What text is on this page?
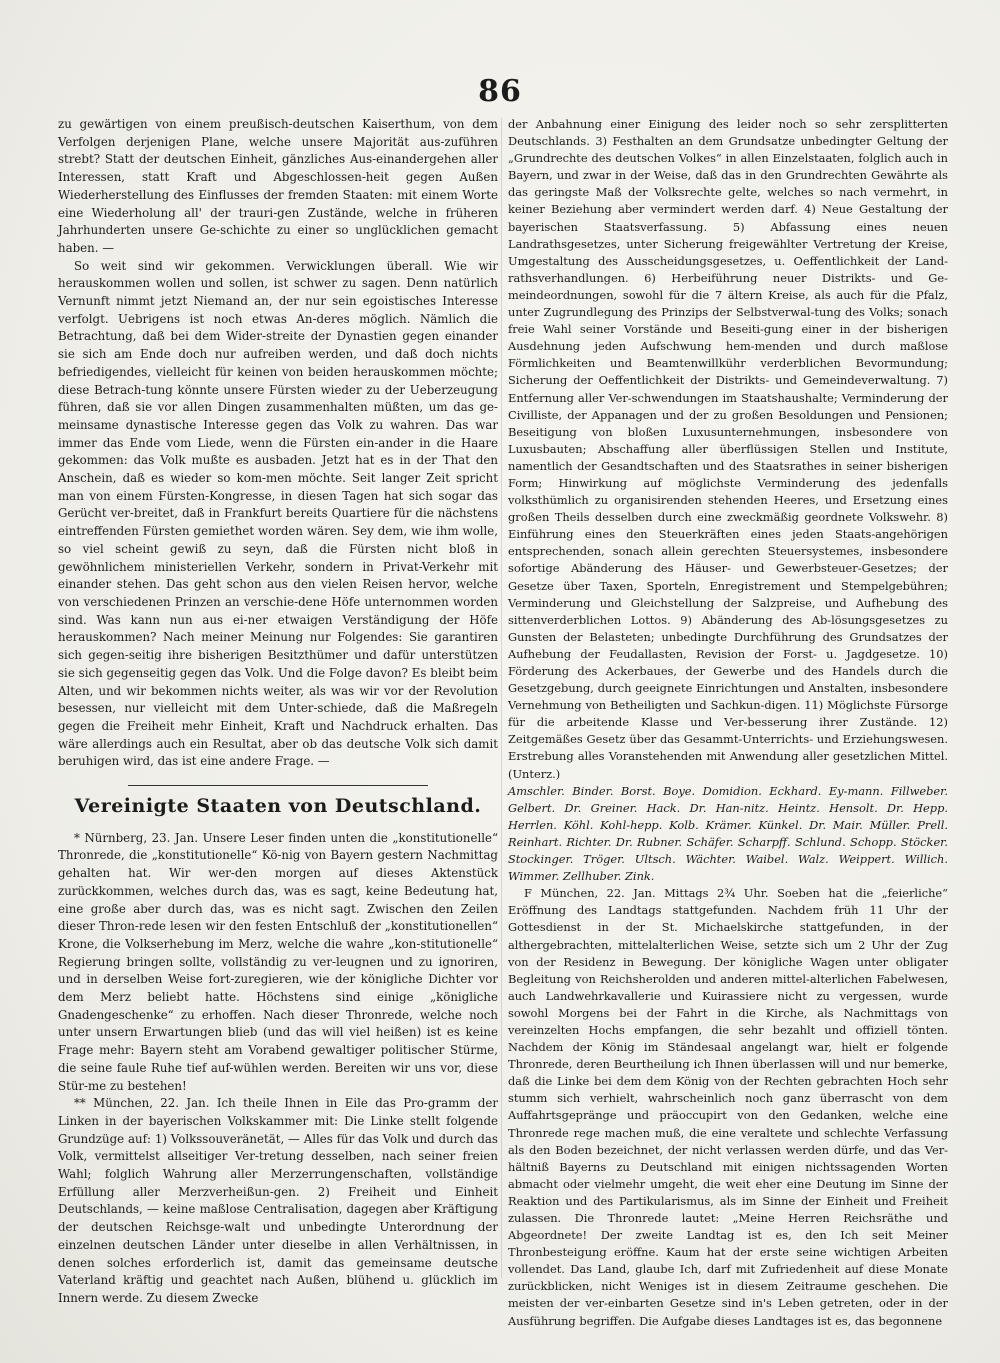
86

zu gewärtigen von einem preußisch-deutschen Kaiserthum, von dem Verfolgen derjenigen Plane, welche unsere Majorität aus-zuführen strebt? Statt der deutschen Einheit, gänzliches Aus-einandergehen aller Interessen, statt Kraft und Abgeschlossen-heit gegen Außen Wiederherstellung des Einflusses der fremden Staaten: mit einem Worte eine Wiederholung all' der trauri-gen Zustände, welche in früheren Jahrhunderten unsere Ge-schichte zu einer so unglücklichen gemacht haben. —

So weit sind wir gekommen. Verwicklungen überall. Wie wir herauskommen wollen und sollen, ist schwer zu sagen. Denn natürlich Vernunft nimmt jetzt Niemand an, der nur sein egoistisches Interesse verfolgt. Uebrigens ist noch etwas An-deres möglich. Nämlich die Betrachtung, daß bei dem Wider-streite der Dynastien gegen einander sie sich am Ende doch nur aufreiben werden, und daß doch nichts befriedigendes, vielleicht für keinen von beiden herauskommen möchte; diese Betrach-tung könnte unsere Fürsten wieder zu der Ueberzeugung führen, daß sie vor allen Dingen zusammenhalten müßten, um das ge-meinsame dynastische Interesse gegen das Volk zu wahren. Das war immer das Ende vom Liede, wenn die Fürsten ein-ander in die Haare gekommen: das Volk mußte es ausbaden. Jetzt hat es in der That den Anschein, daß es wieder so kom-men möchte. Seit langer Zeit spricht man von einem Fürsten-Kongresse, in diesen Tagen hat sich sogar das Gerücht ver-breitet, daß in Frankfurt bereits Quartiere für die nächstens eintreffenden Fürsten gemiethet worden wären. Sey dem, wie ihm wolle, so viel scheint gewiß zu seyn, daß die Fürsten nicht bloß in gewöhnlichem ministeriellen Verkehr, sondern in Privat-Verkehr mit einander stehen. Das geht schon aus den vielen Reisen hervor, welche von verschiedenen Prinzen an verschie-dene Höfe unternommen worden sind. Was kann nun aus ei-ner etwaigen Verständigung der Höfe herauskommen? Nach meiner Meinung nur Folgendes: Sie garantiren sich gegen-seitig ihre bisherigen Besitzthümer und dafür unterstützen sie sich gegenseitig gegen das Volk. Und die Folge davon? Es bleibt beim Alten, und wir bekommen nichts weiter, als was wir vor der Revolution besessen, nur vielleicht mit dem Unter-schiede, daß die Maßregeln gegen die Freiheit mehr Einheit, Kraft und Nachdruck erhalten. Das wäre allerdings auch ein Resultat, aber ob das deutsche Volk sich damit beruhigen wird, das ist eine andere Frage. —

Vereinigte Staaten von Deutschland.

* Nürnberg, 23. Jan. Unsere Leser finden unten die „konstitutionelle“ Thronrede, die „konstitutionelle“ Kö-nig von Bayern gestern Nachmittag gehalten hat. Wir wer-den morgen auf dieses Aktenstück zurückkommen, welches durch das, was es sagt, keine Bedeutung hat, eine große aber durch das, was es nicht sagt. Zwischen den Zeilen dieser Thron-rede lesen wir den festen Entschluß der „konstitutionellen“ Krone, die Volkserhebung im Merz, welche die wahre „kon-stitutionelle“ Regierung bringen sollte, vollständig zu ver-leugnen und zu ignoriren, und in derselben Weise fort-zuregieren, wie der königliche Dichter vor dem Merz beliebt hatte. Höchstens sind einige „königliche Gnadengeschenke“ zu erhoffen. Nach dieser Thronrede, welche noch unter unsern Erwartungen blieb (und das will viel heißen) ist es keine Frage mehr: Bayern steht am Vorabend gewaltiger politischer Stürme, die seine faule Ruhe tief auf-wühlen werden. Bereiten wir uns vor, diese Stür-me zu bestehen!

** München, 22. Jan. Ich theile Ihnen in Eile das Pro-gramm der Linken in der bayerischen Volkskammer mit: Die Linke stellt folgende Grundzüge auf: 1) Volkssouveränetät, — Alles für das Volk und durch das Volk, vermittelst allseitiger Ver-tretung desselben, nach seiner freien Wahl; folglich Wahrung aller Merzerrungenschaften, vollständige Erfüllung aller Merzverheißun-gen. 2) Freiheit und Einheit Deutschlands, — keine maßlose Centralisation, dagegen aber Kräftigung der deutschen Reichsge-walt und unbedingte Unterordnung der einzelnen deutschen Länder unter dieselbe in allen Verhältnissen, in denen solches erforderlich ist, damit das gemeinsame deutsche Vaterland kräftig und geachtet nach Außen, blühend u. glücklich im Innern werde. Zu diesem Zwecke

der Anbahnung einer Einigung des leider noch so sehr zersplitterten Deutschlands. 3) Festhalten an dem Grundsatze unbedingter Geltung der „Grundrechte des deutschen Volkes“ in allen Einzelstaaten, folglich auch in Bayern, und zwar in der Weise, daß das in den Grundrechten Gewährte als das geringste Maß der Volksrechte gelte, welches so nach vermehrt, in keiner Beziehung aber vermindert werden darf. 4) Neue Gestaltung der bayerischen Staatsverfassung. 5) Abfassung eines neuen Landrathsgesetzes, unter Sicherung freigewählter Vertretung der Kreise, Umgestaltung des Ausscheidungsgesetzes, u. Oeffentlichkeit der Land-rathsverhandlungen. 6) Herbeiführung neuer Distrikts- und Ge-meindeordnungen, sowohl für die 7 ältern Kreise, als auch für die Pfalz, unter Zugrundlegung des Prinzips der Selbstverwal-tung des Volks; sonach freie Wahl seiner Vorstände und Beseiti-gung einer in der bisherigen Ausdehnung jeden Aufschwung hem-menden und durch maßlose Förmlichkeiten und Beamtenwillkühr verderblichen Bevormundung; Sicherung der Oeffentlichkeit der Distrikts- und Gemeindeverwaltung. 7) Entfernung aller Ver-schwendungen im Staatshaushalte; Verminderung der Civilliste, der Appanagen und der zu großen Besoldungen und Pensionen; Beseitigung von bloßen Luxusunternehmungen, insbesondere von Luxusbauten; Abschaffung aller überflüssigen Stellen und Institute, namentlich der Gesandtschaften und des Staatsrathes in seiner bisherigen Form; Hinwirkung auf möglichste Verminderung des jedenfalls volksthümlich zu organisirenden stehenden Heeres, und Ersetzung eines großen Theils desselben durch eine zweckmäßig geordnete Volkswehr. 8) Einführung eines den Steuerkräften eines jeden Staats-angehörigen entsprechenden, sonach allein gerechten Steuersystemes, insbesondere sofortige Abänderung des Häuser- und Gewerbsteuer-Gesetzes; der Gesetze über Taxen, Sporteln, Enregistrement und Stempelgebühren; Verminderung und Gleichstellung der Salzpreise, und Aufhebung des sittenverderblichen Lottos. 9) Abänderung des Ab-lösungsgesetzes zu Gunsten der Belasteten; unbedingte Durchführung des Grundsatzes der Aufhebung der Feudallasten, Revision der Forst- u. Jagdgesetze. 10) Förderung des Ackerbaues, der Gewerbe und des Handels durch die Gesetzgebung, durch geeignete Einrichtungen und Anstalten, insbesondere Vernehmung von Betheiligten und Sachkun-digen. 11) Möglichste Fürsorge für die arbeitende Klasse und Ver-besserung ihrer Zustände. 12) Zeitgemäßes Gesetz über das Gesammt-Unterrichts- und Erziehungswesen. Erstrebung alles Voranstehenden mit Anwendung aller gesetzlichen Mittel. (Unterz.)

Amschler. Binder. Borst. Boye. Domidion. Eckhard. Ey-mann. Fillweber. Gelbert. Dr. Greiner. Hack. Dr. Han-nitz. Heintz. Hensolt. Dr. Hepp. Herrlen. Köhl. Kohl-hepp. Kolb. Krämer. Künkel. Dr. Mair. Müller. Prell. Reinhart. Richter. Dr. Rubner. Schäfer. Scharpff. Schlund. Schopp. Stöcker. Stockinger. Tröger. Ultsch. Wächter. Waibel. Walz. Weippert. Willich. Wimmer. Zellhuber. Zink.

F München, 22. Jan. Mittags 2¾ Uhr. Soeben hat die „feierliche“ Eröffnung des Landtags stattgefunden. Nachdem früh 11 Uhr der Gottesdienst in der St. Michaelskirche stattgefunden, in der althergebrachten, mittelalterlichen Weise, setzte sich um 2 Uhr der Zug von der Residenz in Bewegung. Der königliche Wagen unter obligater Begleitung von Reichsherolden und anderen mittel-alterlichen Fabelwesen, auch Landwehrkavallerie und Kuirassiere nicht zu vergessen, wurde sowohl Morgens bei der Fahrt in die Kirche, als Nachmittags von vereinzelten Hochs empfangen, die sehr bezahlt und offiziell tönten. Nachdem der König im Ständesaal angelangt war, hielt er folgende Thronrede, deren Beurtheilung ich Ihnen überlassen will und nur bemerke, daß die Linke bei dem dem König von der Rechten gebrachten Hoch sehr stumm sich verhielt, wahrscheinlich noch ganz überrascht von dem Auffahrtsgepränge und präoccupirt von den Gedanken, welche eine Thronrede rege machen muß, die eine veraltete und schlechte Verfassung als den Boden bezeichnet, der nicht verlassen werden dürfe, und das Ver-hältniß Bayerns zu Deutschland mit einigen nichtssagenden Worten abmacht oder vielmehr umgeht, die weit eher eine Deutung im Sinne der Reaktion und des Partikularismus, als im Sinne der Einheit und Freiheit zulassen. Die Thronrede lautet: „Meine Herren Reichsräthe und Abgeordnete! Der zweite Landtag ist es, den Ich seit Meiner Thronbesteigung eröffne. Kaum hat der erste seine wichtigen Arbeiten vollendet. Das Land, glaube Ich, darf mit Zufriedenheit auf diese Monate zurückblicken, nicht Weniges ist in diesem Zeitraume geschehen. Die meisten der ver-einbarten Gesetze sind in's Leben getreten, oder in der Ausführung begriffen. Die Aufgabe dieses Landtages ist es, das begonnene
